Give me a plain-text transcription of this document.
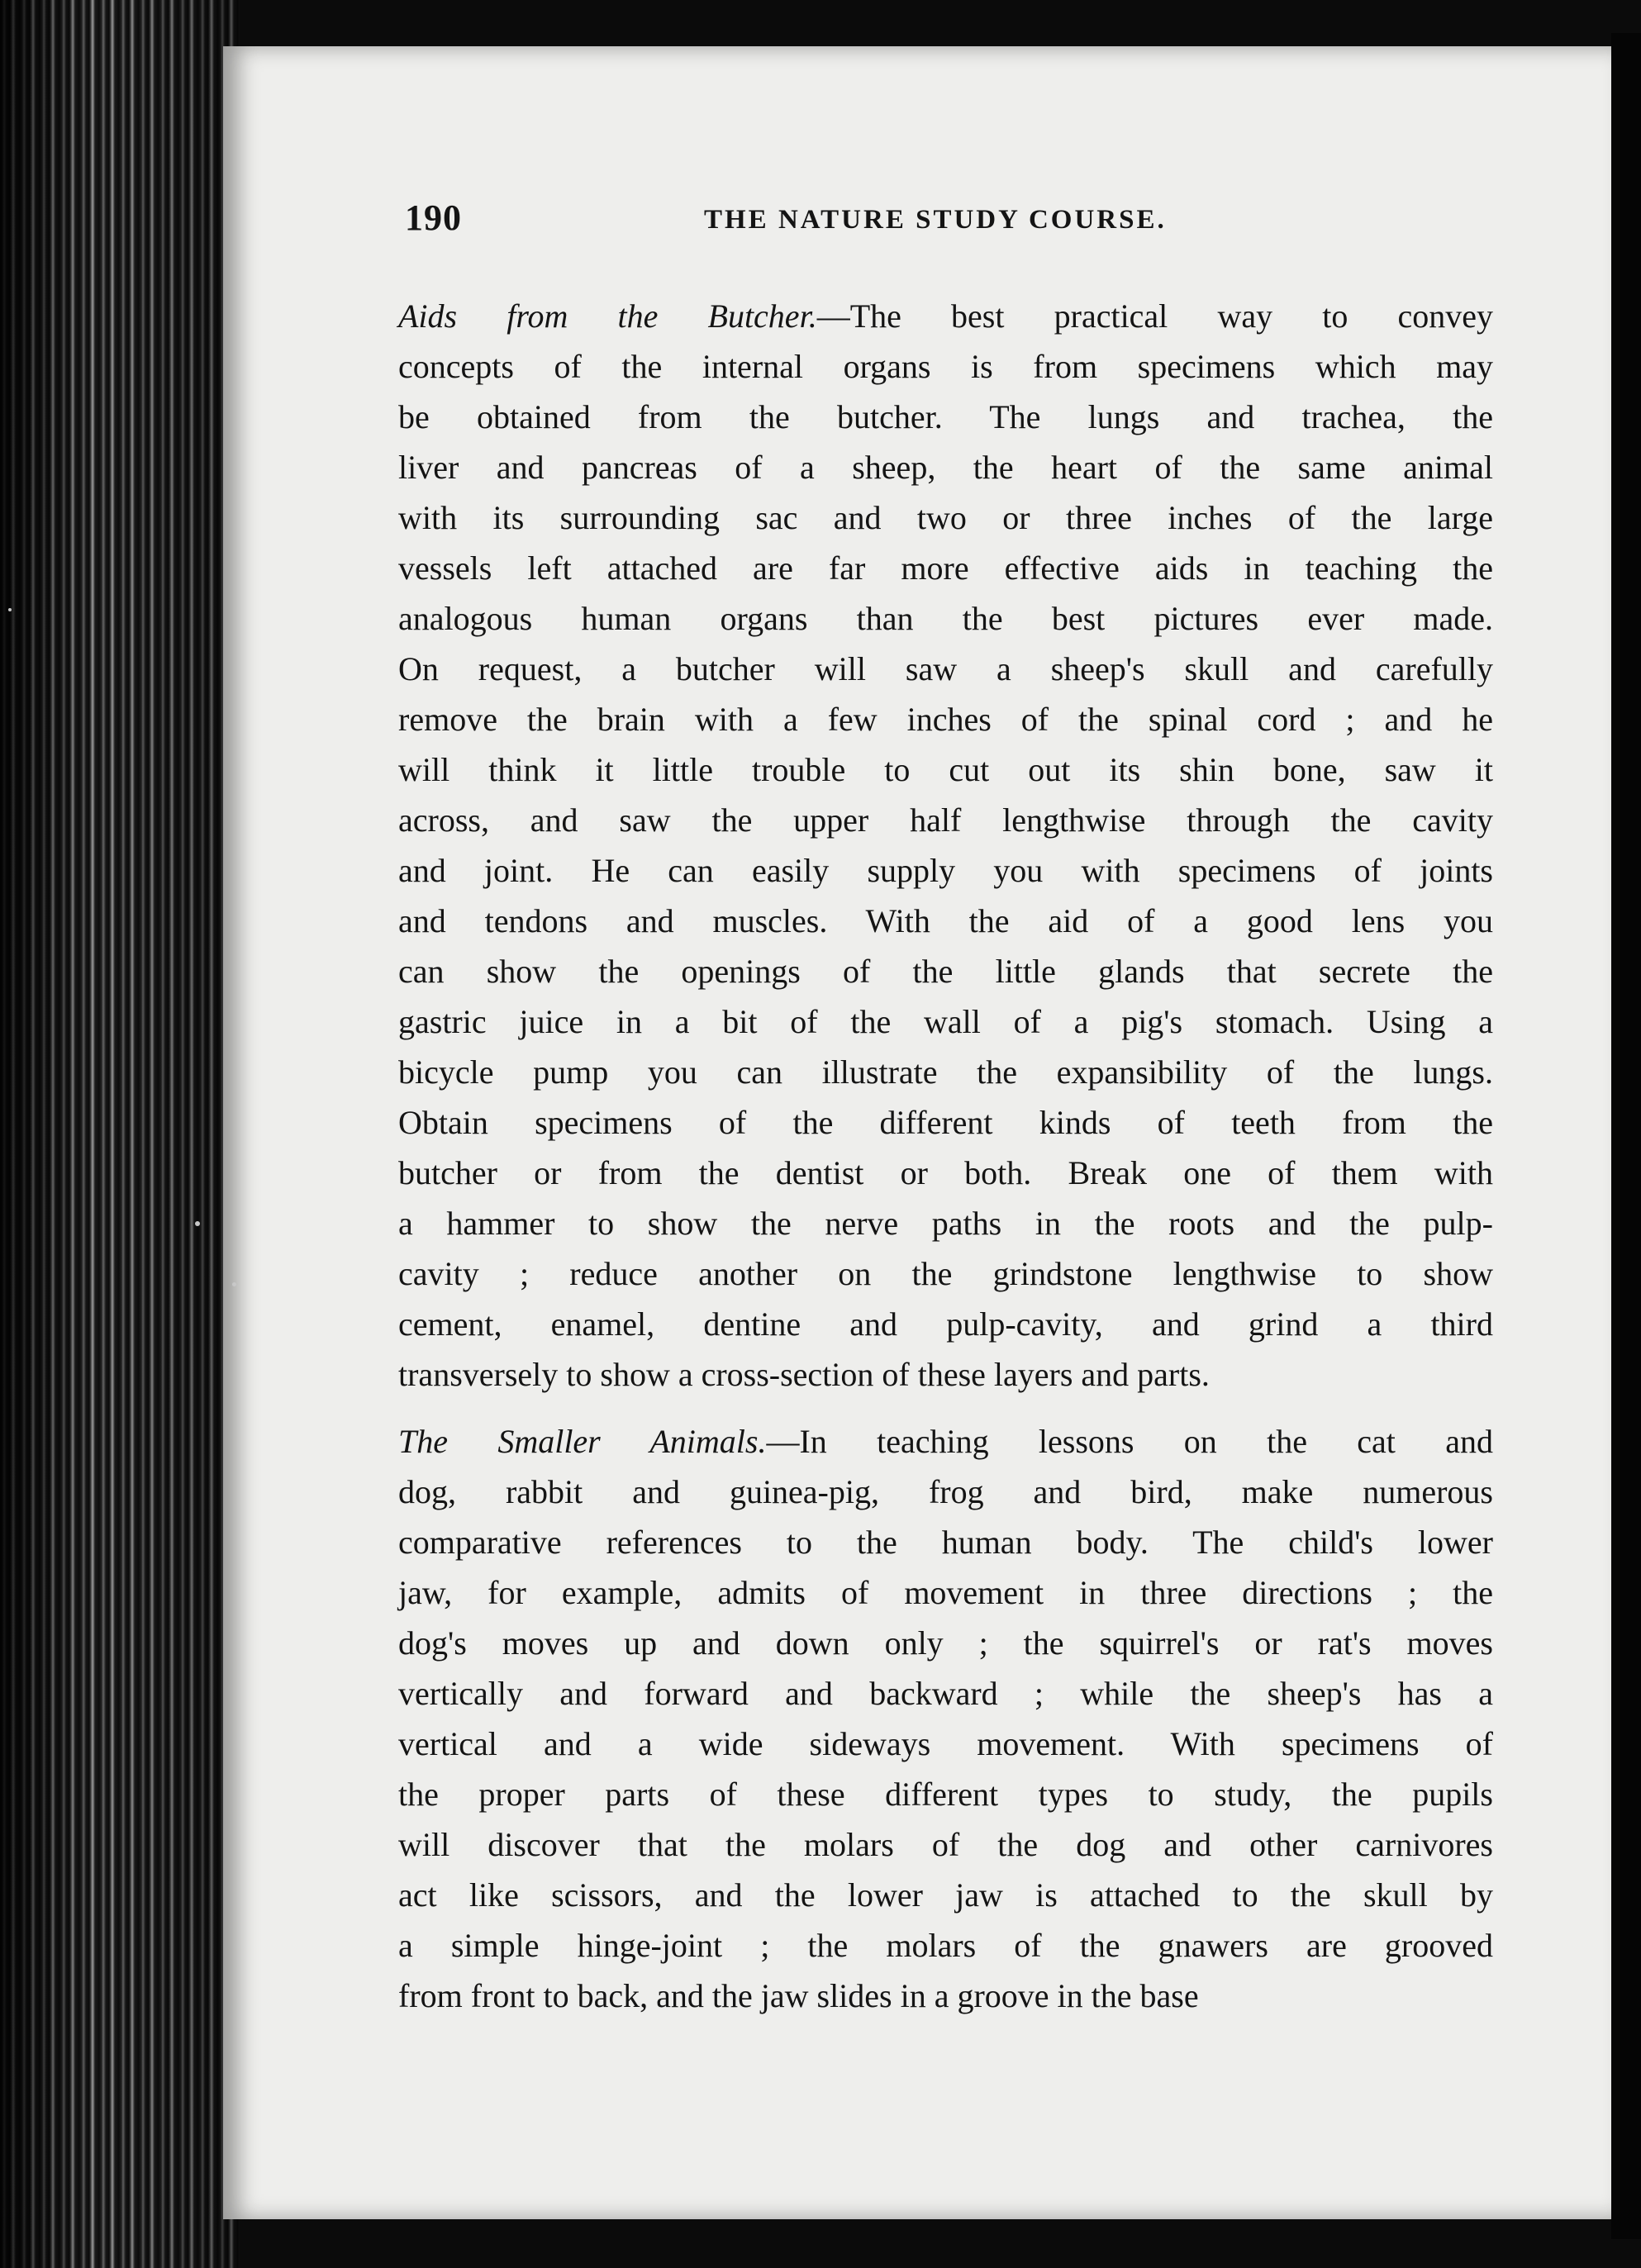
190	THE NATURE STUDY COURSE.
Aids from the Butcher.—The best practical way to convey
concepts of the internal organs is from specimens which may
be obtained from the butcher. The lungs and trachea, the
liver and pancreas of a sheep, the heart of the same animal
with its surrounding sac and two or three inches of the large
vessels left attached are far more effective aids in teaching the
analogous human organs than the best pictures ever made.
On request, a butcher will saw a sheep's skull and carefully
remove the brain with a few inches of the spinal cord ; and he
will think it little trouble to cut out its shin bone, saw it
across, and saw the upper half lengthwise through the cavity
and joint. He can easily supply you with specimens of joints
and tendons and muscles. With the aid of a good lens you
can show the openings of the little glands that secrete the
gastric juice in a bit of the wall of a pig's stomach. Using a
bicycle pump you can illustrate the expansibility of the lungs.
Obtain specimens of the different kinds of teeth from the
butcher or from the dentist or both. Break one of them with
a hammer to show the nerve paths in the roots and the pulp-
cavity ; reduce another on the grindstone lengthwise to show
cement, enamel, dentine and pulp-cavity, and grind a third
transversely to show a cross-section of these layers and parts.
The Smaller Animals.—In teaching lessons on the cat and
dog, rabbit and guinea-pig, frog and bird, make numerous
comparative references to the human body. The child's lower
jaw, for example, admits of movement in three directions ; the
dog's moves up and down only ; the squirrel's or rat's moves
vertically and forward and backward ; while the sheep's has a
vertical and a wide sideways movement. With specimens of
the proper parts of these different types to study, the pupils
will discover that the molars of the dog and other carnivores
act like scissors, and the lower jaw is attached to the skull by
a simple hinge-joint ; the molars of the gnawers are grooved
from front to back, and the jaw slides in a groove in the base
